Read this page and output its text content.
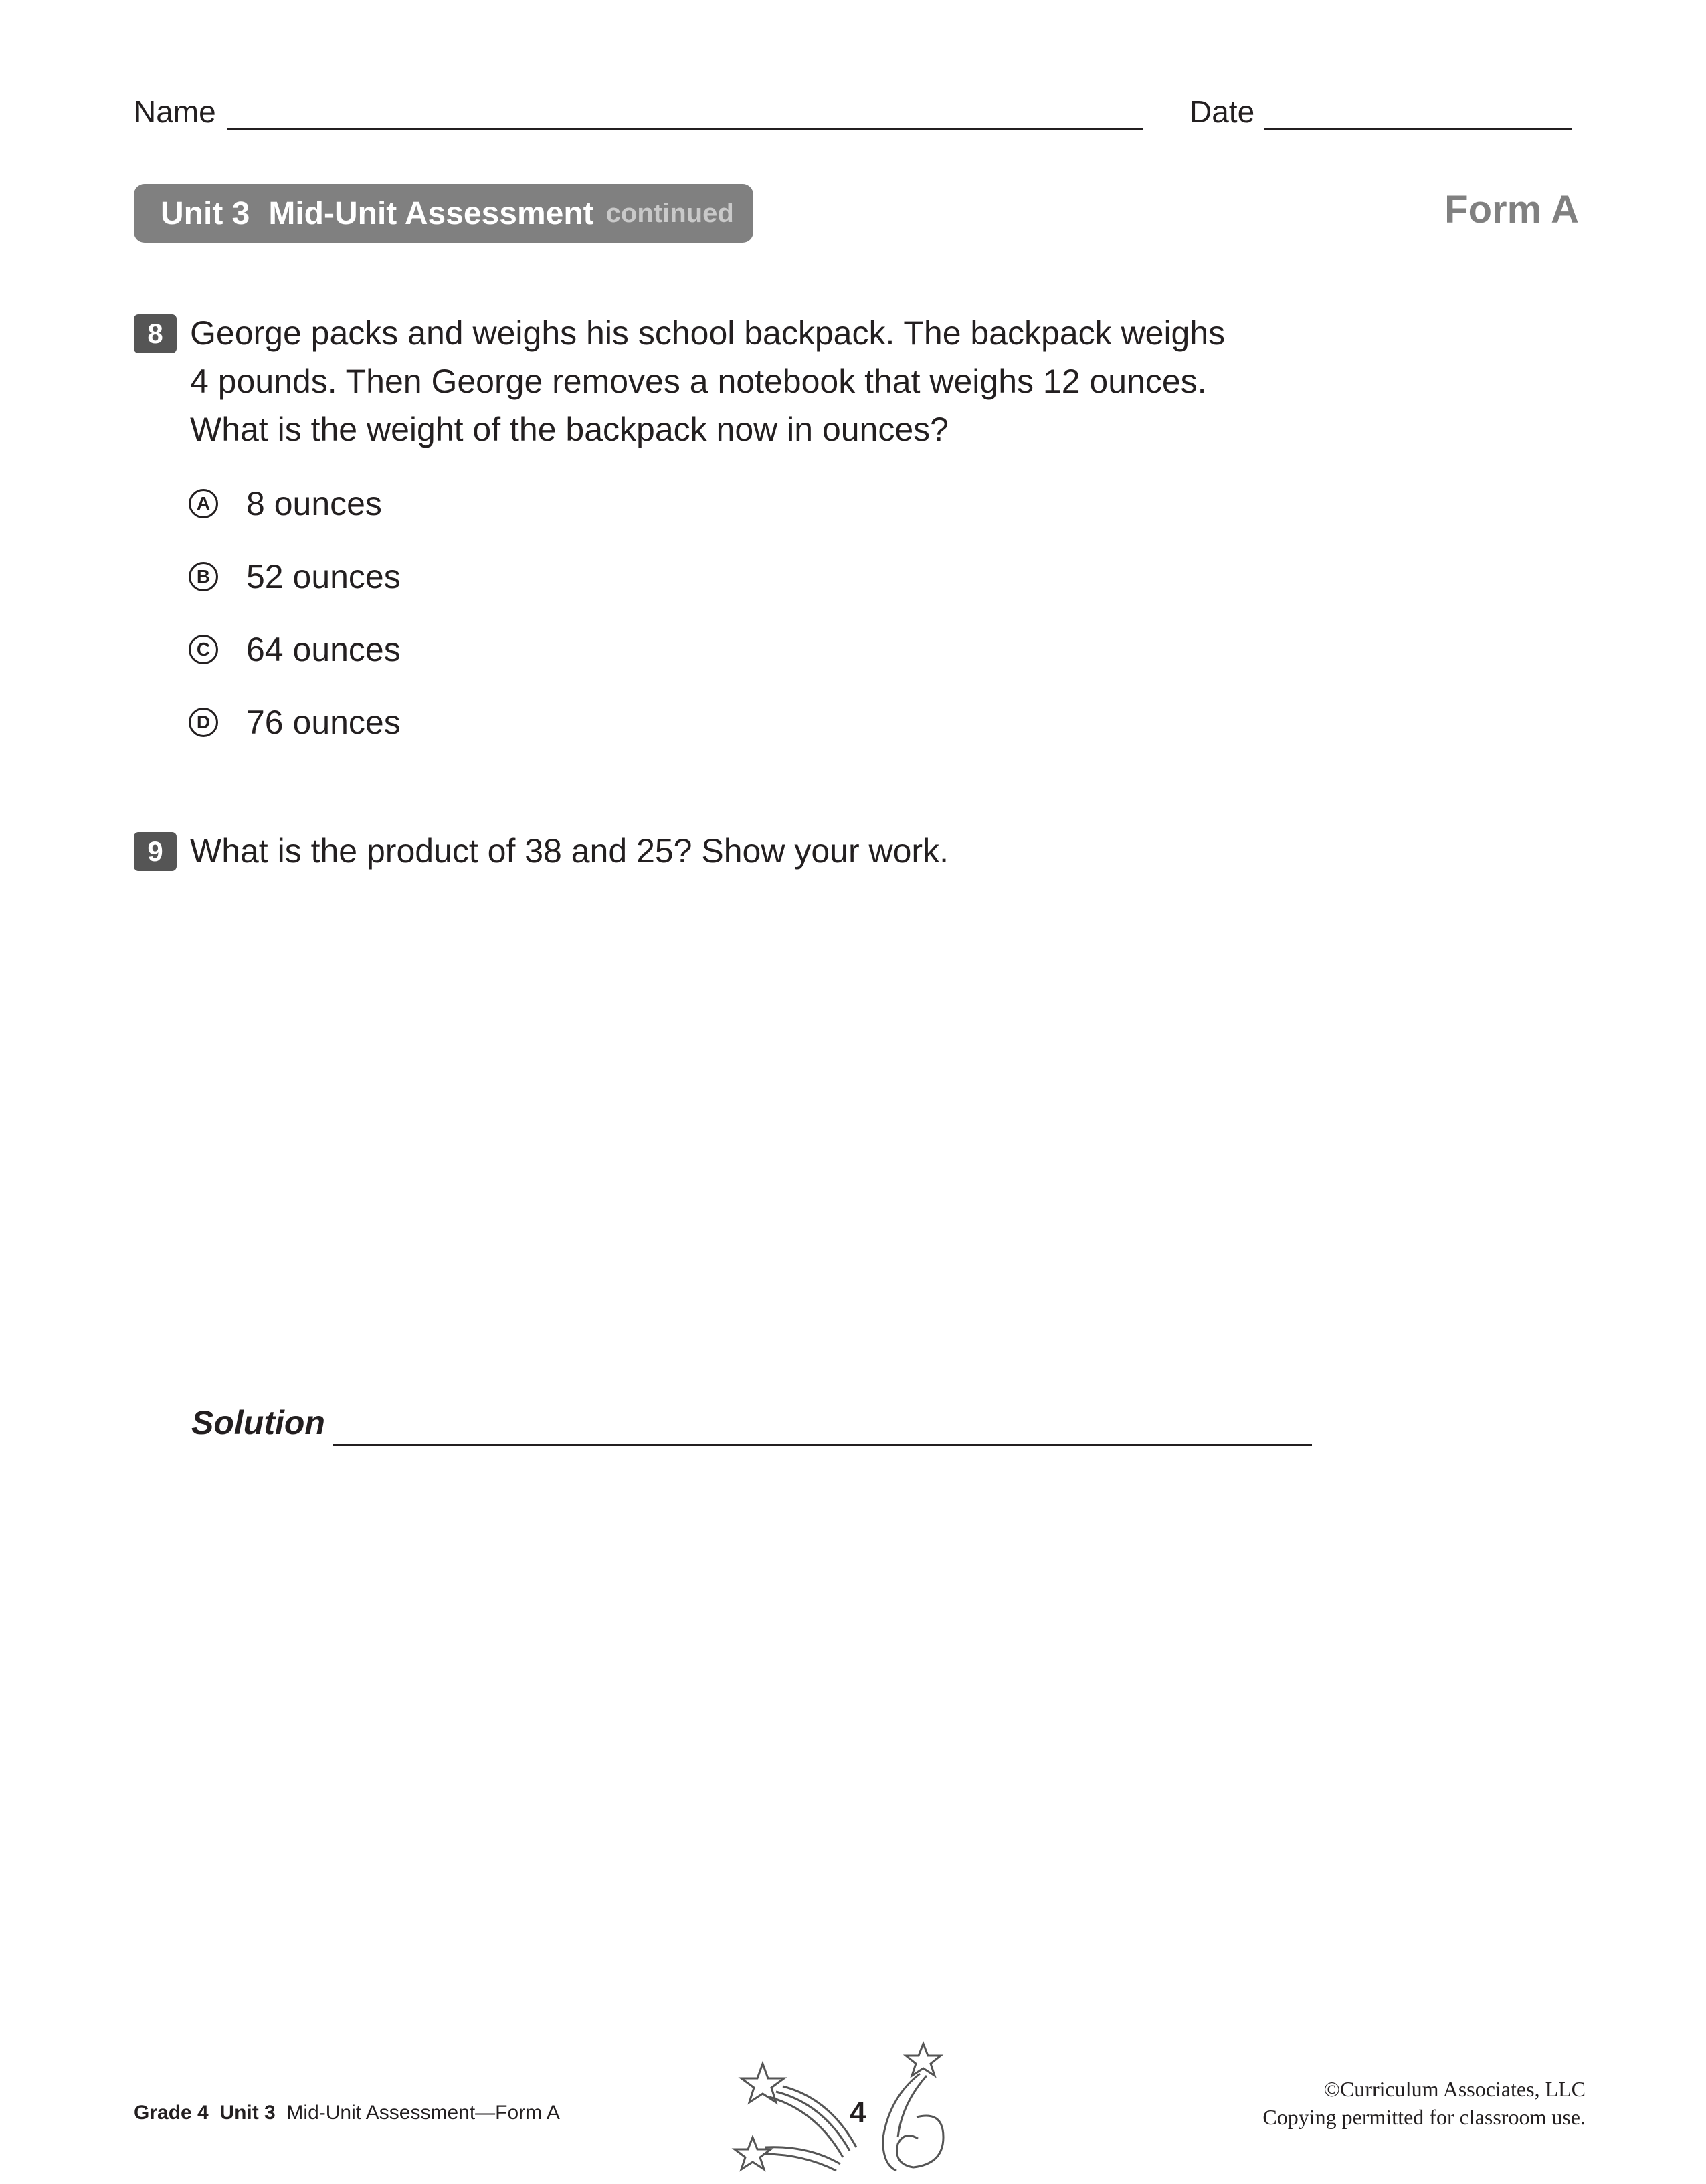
Name	Date
Unit 3 Mid-Unit Assessment continued	Form A
8 George packs and weighs his school backpack. The backpack weighs
4 pounds. Then George removes a notebook that weighs 12 ounces.
What is the weight of the backpack now in ounces?
A 8 ounces
B 52 ounces
C 64 ounces
D 76 ounces
9 What is the product of 38 and 25? Show your work.
Solution
Grade 4 Unit 3 Mid-Unit Assessment—Form A	4
©Curriculum Associates, LLC
Copying permitted for classroom use.
